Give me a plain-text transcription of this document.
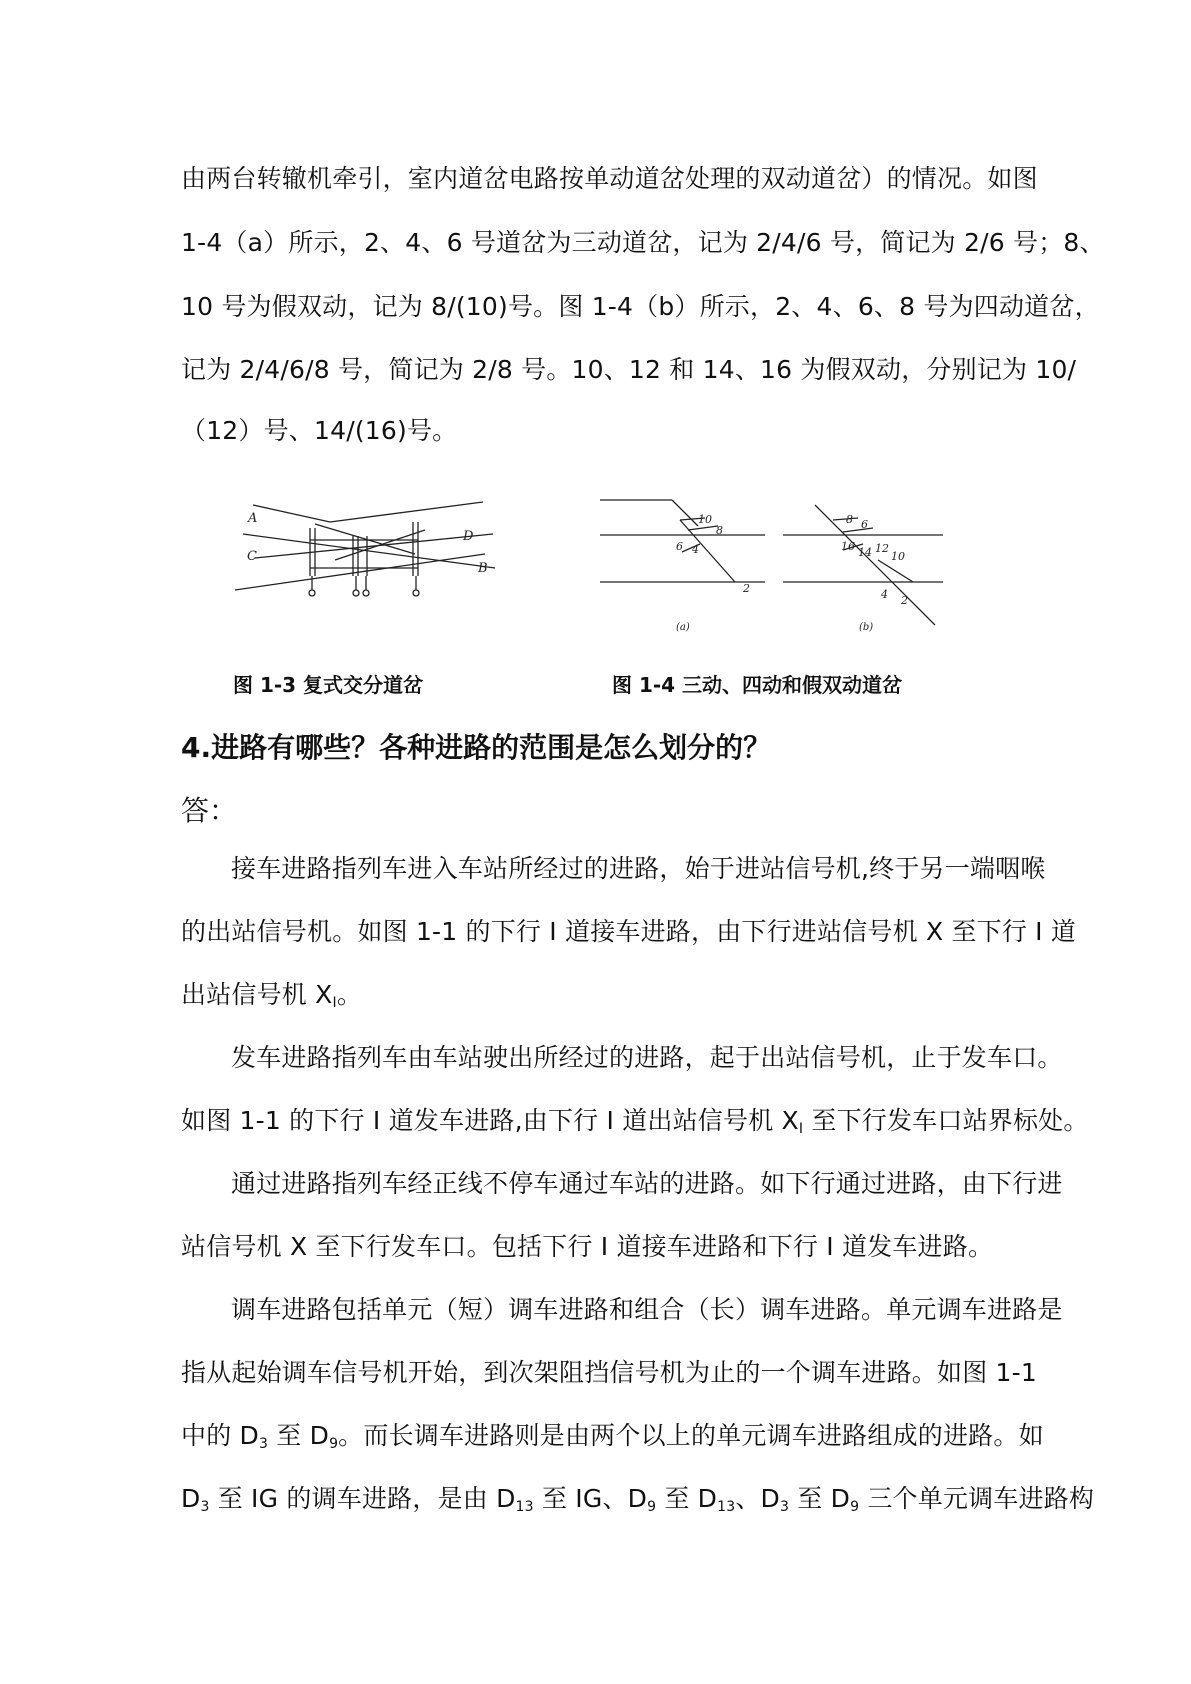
由两台转辙机牵引，室内道岔电路按单动道岔处理的双动道岔）的情况。如图
1-4（a）所示，2、4、6 号道岔为三动道岔，记为 2/4/6 号，简记为 2/6 号；8、
10 号为假双动，记为 8/(10)号。图 1-4（b）所示，2、4、6、8 号为四动道岔，
记为 2/4/6/8 号，简记为 2/8 号。10、12 和 14、16 为假双动，分别记为 10/
（12）号、14/(16)号。
A
C
D
B
图 1-3 复式交分道岔
10
8
6 4
2
(a)
8 6
16 14 12
10
4 2
(b)
图 1-4 三动、四动和假双动道岔
4.进路有哪些？各种进路的范围是怎么划分的？
答：
接车进路指列车进入车站所经过的进路，始于进站信号机,终于另一端咽喉
的出站信号机。如图 1-1 的下行 I 道接车进路，由下行进站信号机 X 至下行 I 道
出站信号机 $X_I$。
发车进路指列车由车站驶出所经过的进路，起于出站信号机，止于发车口。
如图 1-1 的下行 I 道发车进路,由下行 I 道出站信号机 $X_I$ 至下行发车口站界标处。
通过进路指列车经正线不停车通过车站的进路。如下行通过进路，由下行进
站信号机 X 至下行发车口。包括下行 I 道接车进路和下行 I 道发车进路。
调车进路包括单元（短）调车进路和组合（长）调车进路。单元调车进路是
指从起始调车信号机开始，到次架阻挡信号机为止的一个调车进路。如图 1-1
中的 $D_3$ 至 $D_9$。而长调车进路则是由两个以上的单元调车进路组成的进路。如
$D_3$ 至 IG 的调车进路，是由 $D_{13}$ 至 IG、$D_9$ 至 $D_{13}$、$D_3$ 至 $D_9$ 三个单元调车进路构
